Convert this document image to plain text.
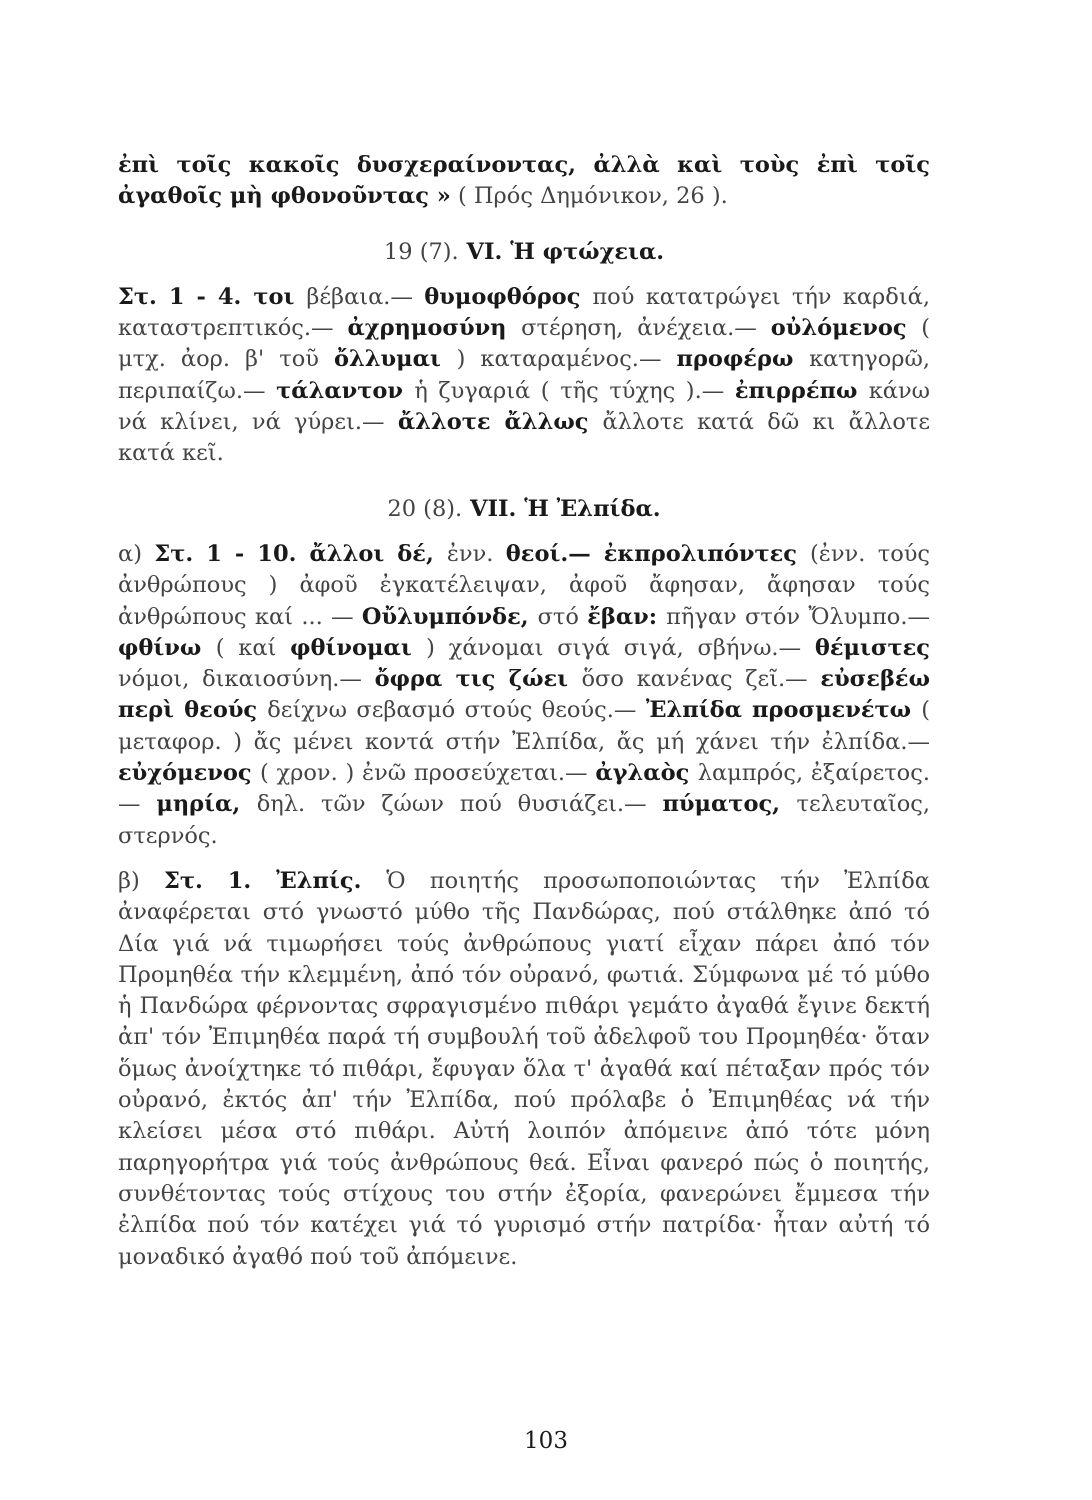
ἐπὶ τοῖς κακοῖς δυσχεραίνοντας, ἀλλὰ καὶ τοὺς ἐπὶ τοῖς ἀγαθοῖς μὴ φθονοῦντας » ( Πρός Δημόνικον, 26 ).

19 (7). VI. Ἡ φτώχεια.

Στ. 1 - 4. τοι βέβαια.— θυμοφθόρος πού κατατρώγει τήν καρδιά, καταστρεπτικός.— ἀχρημοσύνη στέρηση, ἀνέχεια.— οὐλόμενος ( μτχ. ἀορ. β' τοῦ ὄλλυμαι ) καταραμένος.— προφέρω κατηγορῶ, περιπαίζω.— τάλαντον ἡ ζυγαριά ( τῆς τύχης ).— ἐπιρρέπω κάνω νά κλίνει, νά γύρει.— ἄλλοτε ἄλλως ἄλλοτε κατά δῶ κι ἄλλοτε κατά κεῖ.

20 (8). VII. Ἡ Ἐλπίδα.

α) Στ. 1 - 10. ἄλλοι δέ, ἐνν. θεοί.— ἐκπρολιπόντες (ἐνν. τούς ἀνθρώπους ) ἀφοῦ ἐγκατέλειψαν, ἀφοῦ ἄφησαν, ἄφησαν τούς ἀνθρώπους καί ... — Οὔλυμπόνδε, στό ἔβαν: πῆγαν στόν Ὄλυμπο.— φθίνω ( καί φθίνομαι ) χάνομαι σιγά σιγά, σβήνω.— θέμιστες νόμοι, δικαιοσύνη.— ὄφρα τις ζώει ὅσο κανένας ζεῖ.— εὐσεβέω περὶ θεούς δείχνω σεβασμό στούς θεούς.— Ἐλπίδα προσμενέτω ( μεταφορ. ) ἄς μένει κοντά στήν Ἐλπίδα, ἄς μή χάνει τήν ἐλπίδα.— εὐχόμενος ( χρον. ) ἐνῶ προσεύχεται.— ἀγλαὸς λαμπρός, ἐξαίρετος.— μηρία, δηλ. τῶν ζώων πού θυσιάζει.— πύματος, τελευταῖος, στερνός.

β) Στ. 1. Ἐλπίς. Ὁ ποιητής προσωποποιώντας τήν Ἐλπίδα ἀναφέρεται στό γνωστό μύθο τῆς Πανδώρας, πού στάλθηκε ἀπό τό Δία γιά νά τιμωρήσει τούς ἀνθρώπους γιατί εἶχαν πάρει ἀπό τόν Προμηθέα τήν κλεμμένη, ἀπό τόν οὐρανό, φωτιά. Σύμφωνα μέ τό μύθο ἡ Πανδώρα φέρνοντας σφραγισμένο πιθάρι γεμάτο ἀγαθά ἔγινε δεκτή ἀπ' τόν Ἐπιμηθέα παρά τή συμβουλή τοῦ ἀδελφοῦ του Προμηθέα· ὅταν ὅμως ἀνοίχτηκε τό πιθάρι, ἔφυγαν ὅλα τ' ἀγαθά καί πέταξαν πρός τόν οὐρανό, ἐκτός ἀπ' τήν Ἐλπίδα, πού πρόλαβε ὁ Ἐπιμηθέας νά τήν κλείσει μέσα στό πιθάρι. Αὐτή λοιπόν ἀπόμεινε ἀπό τότε μόνη παρηγορήτρα γιά τούς ἀνθρώπους θεά. Εἶναι φανερό πώς ὁ ποιητής, συνθέτοντας τούς στίχους του στήν ἐξορία, φανερώνει ἔμμεσα τήν ἐλπίδα πού τόν κατέχει γιά τό γυρισμό στήν πατρίδα· ἦταν αὐτή τό μοναδικό ἀγαθό πού τοῦ ἀπόμεινε.

103
